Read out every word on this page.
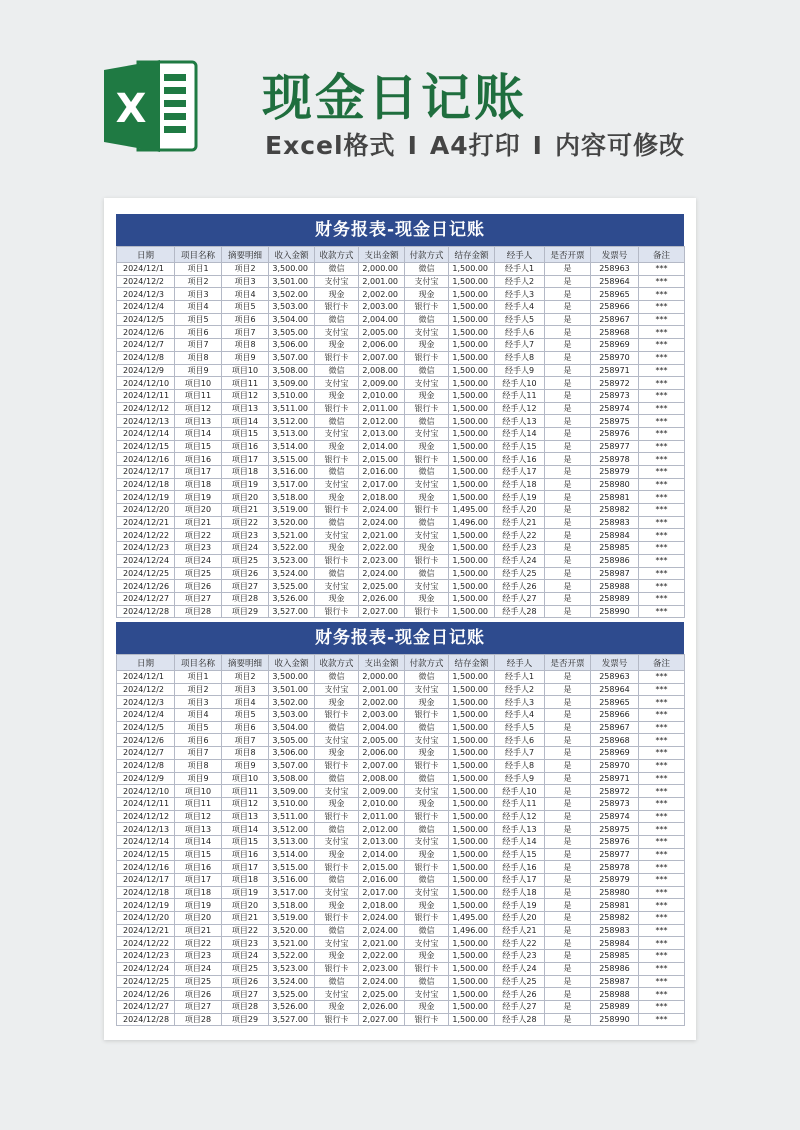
X 现金日记账
Excel格式 I A4打印 I 内容可修改
财务报表-现金日记账
日期	项目名称	摘要明细	收入金额	收款方式	支出金额	付款方式	结存金额	经手人	是否开票	发票号	备注
2024/12/1	项目1	项目2	3,500.00	微信	2,000.00	微信	1,500.00	经手人1	是	258963	***
2024/12/2	项目2	项目3	3,501.00	支付宝	2,001.00	支付宝	1,500.00	经手人2	是	258964	***
2024/12/3	项目3	项目4	3,502.00	现金	2,002.00	现金	1,500.00	经手人3	是	258965	***
2024/12/4	项目4	项目5	3,503.00	银行卡	2,003.00	银行卡	1,500.00	经手人4	是	258966	***
2024/12/5	项目5	项目6	3,504.00	微信	2,004.00	微信	1,500.00	经手人5	是	258967	***
2024/12/6	项目6	项目7	3,505.00	支付宝	2,005.00	支付宝	1,500.00	经手人6	是	258968	***
2024/12/7	项目7	项目8	3,506.00	现金	2,006.00	现金	1,500.00	经手人7	是	258969	***
2024/12/8	项目8	项目9	3,507.00	银行卡	2,007.00	银行卡	1,500.00	经手人8	是	258970	***
2024/12/9	项目9	项目10	3,508.00	微信	2,008.00	微信	1,500.00	经手人9	是	258971	***
2024/12/10	项目10	项目11	3,509.00	支付宝	2,009.00	支付宝	1,500.00	经手人10	是	258972	***
2024/12/11	项目11	项目12	3,510.00	现金	2,010.00	现金	1,500.00	经手人11	是	258973	***
2024/12/12	项目12	项目13	3,511.00	银行卡	2,011.00	银行卡	1,500.00	经手人12	是	258974	***
2024/12/13	项目13	项目14	3,512.00	微信	2,012.00	微信	1,500.00	经手人13	是	258975	***
2024/12/14	项目14	项目15	3,513.00	支付宝	2,013.00	支付宝	1,500.00	经手人14	是	258976	***
2024/12/15	项目15	项目16	3,514.00	现金	2,014.00	现金	1,500.00	经手人15	是	258977	***
2024/12/16	项目16	项目17	3,515.00	银行卡	2,015.00	银行卡	1,500.00	经手人16	是	258978	***
2024/12/17	项目17	项目18	3,516.00	微信	2,016.00	微信	1,500.00	经手人17	是	258979	***
2024/12/18	项目18	项目19	3,517.00	支付宝	2,017.00	支付宝	1,500.00	经手人18	是	258980	***
2024/12/19	项目19	项目20	3,518.00	现金	2,018.00	现金	1,500.00	经手人19	是	258981	***
2024/12/20	项目20	项目21	3,519.00	银行卡	2,024.00	银行卡	1,495.00	经手人20	是	258982	***
2024/12/21	项目21	项目22	3,520.00	微信	2,024.00	微信	1,496.00	经手人21	是	258983	***
2024/12/22	项目22	项目23	3,521.00	支付宝	2,021.00	支付宝	1,500.00	经手人22	是	258984	***
2024/12/23	项目23	项目24	3,522.00	现金	2,022.00	现金	1,500.00	经手人23	是	258985	***
2024/12/24	项目24	项目25	3,523.00	银行卡	2,023.00	银行卡	1,500.00	经手人24	是	258986	***
2024/12/25	项目25	项目26	3,524.00	微信	2,024.00	微信	1,500.00	经手人25	是	258987	***
2024/12/26	项目26	项目27	3,525.00	支付宝	2,025.00	支付宝	1,500.00	经手人26	是	258988	***
2024/12/27	项目27	项目28	3,526.00	现金	2,026.00	现金	1,500.00	经手人27	是	258989	***
2024/12/28	项目28	项目29	3,527.00	银行卡	2,027.00	银行卡	1,500.00	经手人28	是	258990	***
财务报表-现金日记账
日期	项目名称	摘要明细	收入金额	收款方式	支出金额	付款方式	结存金额	经手人	是否开票	发票号	备注
2024/12/1	项目1	项目2	3,500.00	微信	2,000.00	微信	1,500.00	经手人1	是	258963	***
2024/12/2	项目2	项目3	3,501.00	支付宝	2,001.00	支付宝	1,500.00	经手人2	是	258964	***
2024/12/3	项目3	项目4	3,502.00	现金	2,002.00	现金	1,500.00	经手人3	是	258965	***
2024/12/4	项目4	项目5	3,503.00	银行卡	2,003.00	银行卡	1,500.00	经手人4	是	258966	***
2024/12/5	项目5	项目6	3,504.00	微信	2,004.00	微信	1,500.00	经手人5	是	258967	***
2024/12/6	项目6	项目7	3,505.00	支付宝	2,005.00	支付宝	1,500.00	经手人6	是	258968	***
2024/12/7	项目7	项目8	3,506.00	现金	2,006.00	现金	1,500.00	经手人7	是	258969	***
2024/12/8	项目8	项目9	3,507.00	银行卡	2,007.00	银行卡	1,500.00	经手人8	是	258970	***
2024/12/9	项目9	项目10	3,508.00	微信	2,008.00	微信	1,500.00	经手人9	是	258971	***
2024/12/10	项目10	项目11	3,509.00	支付宝	2,009.00	支付宝	1,500.00	经手人10	是	258972	***
2024/12/11	项目11	项目12	3,510.00	现金	2,010.00	现金	1,500.00	经手人11	是	258973	***
2024/12/12	项目12	项目13	3,511.00	银行卡	2,011.00	银行卡	1,500.00	经手人12	是	258974	***
2024/12/13	项目13	项目14	3,512.00	微信	2,012.00	微信	1,500.00	经手人13	是	258975	***
2024/12/14	项目14	项目15	3,513.00	支付宝	2,013.00	支付宝	1,500.00	经手人14	是	258976	***
2024/12/15	项目15	项目16	3,514.00	现金	2,014.00	现金	1,500.00	经手人15	是	258977	***
2024/12/16	项目16	项目17	3,515.00	银行卡	2,015.00	银行卡	1,500.00	经手人16	是	258978	***
2024/12/17	项目17	项目18	3,516.00	微信	2,016.00	微信	1,500.00	经手人17	是	258979	***
2024/12/18	项目18	项目19	3,517.00	支付宝	2,017.00	支付宝	1,500.00	经手人18	是	258980	***
2024/12/19	项目19	项目20	3,518.00	现金	2,018.00	现金	1,500.00	经手人19	是	258981	***
2024/12/20	项目20	项目21	3,519.00	银行卡	2,024.00	银行卡	1,495.00	经手人20	是	258982	***
2024/12/21	项目21	项目22	3,520.00	微信	2,024.00	微信	1,496.00	经手人21	是	258983	***
2024/12/22	项目22	项目23	3,521.00	支付宝	2,021.00	支付宝	1,500.00	经手人22	是	258984	***
2024/12/23	项目23	项目24	3,522.00	现金	2,022.00	现金	1,500.00	经手人23	是	258985	***
2024/12/24	项目24	项目25	3,523.00	银行卡	2,023.00	银行卡	1,500.00	经手人24	是	258986	***
2024/12/25	项目25	项目26	3,524.00	微信	2,024.00	微信	1,500.00	经手人25	是	258987	***
2024/12/26	项目26	项目27	3,525.00	支付宝	2,025.00	支付宝	1,500.00	经手人26	是	258988	***
2024/12/27	项目27	项目28	3,526.00	现金	2,026.00	现金	1,500.00	经手人27	是	258989	***
2024/12/28	项目28	项目29	3,527.00	银行卡	2,027.00	银行卡	1,500.00	经手人28	是	258990	***
